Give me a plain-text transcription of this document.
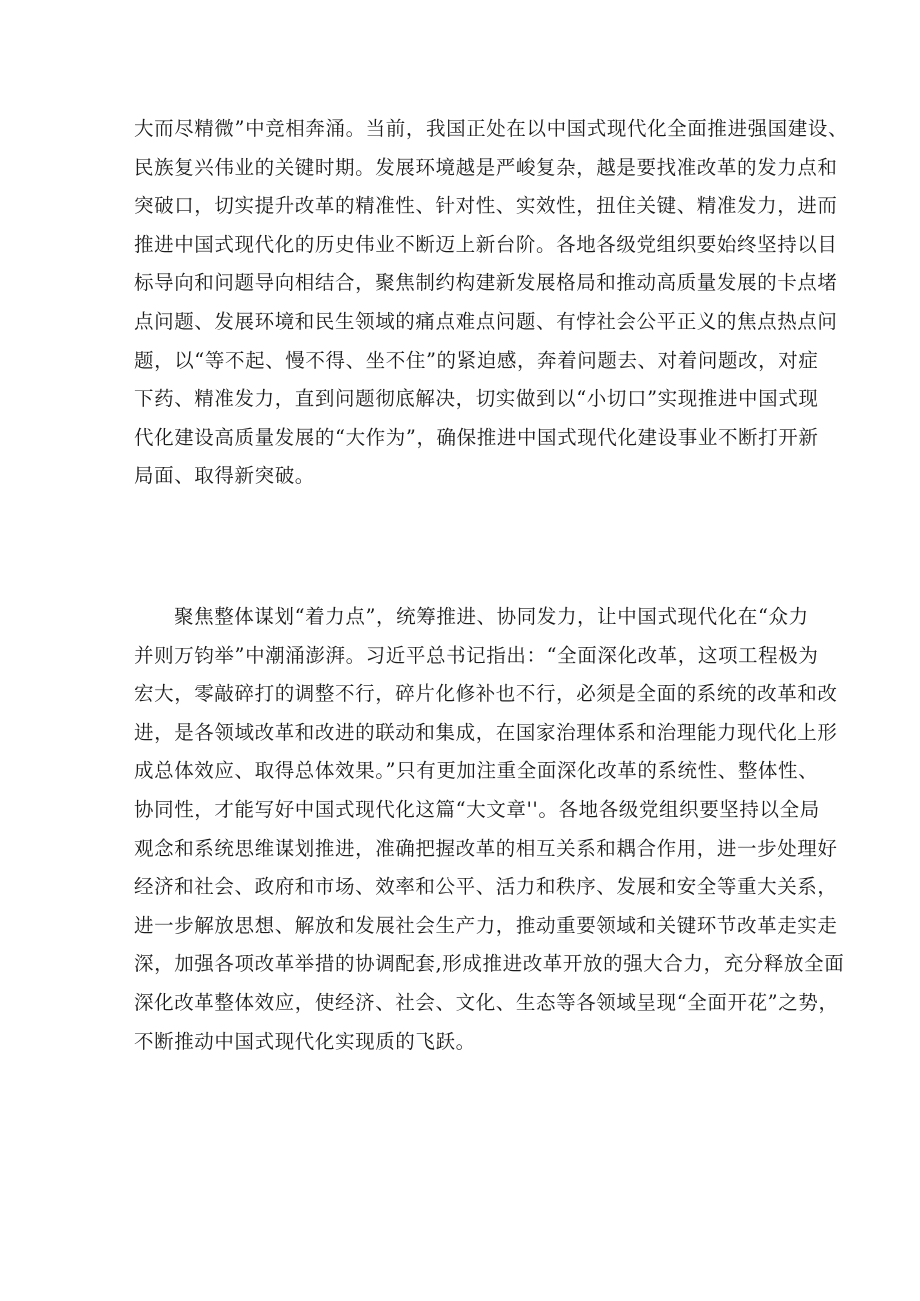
大而尽精微”中竞相奔涌。当前，我国正处在以中国式现代化全面推进强国建设、
民族复兴伟业的关键时期。发展环境越是严峻复杂，越是要找准改革的发力点和
突破口，切实提升改革的精准性、针对性、实效性，扭住关键、精准发力，进而
推进中国式现代化的历史伟业不断迈上新台阶。各地各级党组织要始终坚持以目
标导向和问题导向相结合，聚焦制约构建新发展格局和推动高质量发展的卡点堵
点问题、发展环境和民生领域的痛点难点问题、有悖社会公平正义的焦点热点问
题，以“等不起、慢不得、坐不住”的紧迫感，奔着问题去、对着问题改，对症
下药、精准发力，直到问题彻底解决，切实做到以“小切口”实现推进中国式现
代化建设高质量发展的“大作为”，确保推进中国式现代化建设事业不断打开新
局面、取得新突破。
聚焦整体谋划“着力点”，统筹推进、协同发力，让中国式现代化在“众力
并则万钧举”中潮涌澎湃。习近平总书记指出：“全面深化改革，这项工程极为
宏大，零敲碎打的调整不行，碎片化修补也不行，必须是全面的系统的改革和改
进，是各领域改革和改进的联动和集成，在国家治理体系和治理能力现代化上形
成总体效应、取得总体效果。”只有更加注重全面深化改革的系统性、整体性、
协同性，才能写好中国式现代化这篇“大文章''。各地各级党组织要坚持以全局
观念和系统思维谋划推进，准确把握改革的相互关系和耦合作用，进一步处理好
经济和社会、政府和市场、效率和公平、活力和秩序、发展和安全等重大关系，
进一步解放思想、解放和发展社会生产力，推动重要领域和关键环节改革走实走
深，加强各项改革举措的协调配套,形成推进改革开放的强大合力，充分释放全面
深化改革整体效应，使经济、社会、文化、生态等各领域呈现“全面开花”之势，
不断推动中国式现代化实现质的飞跃。
